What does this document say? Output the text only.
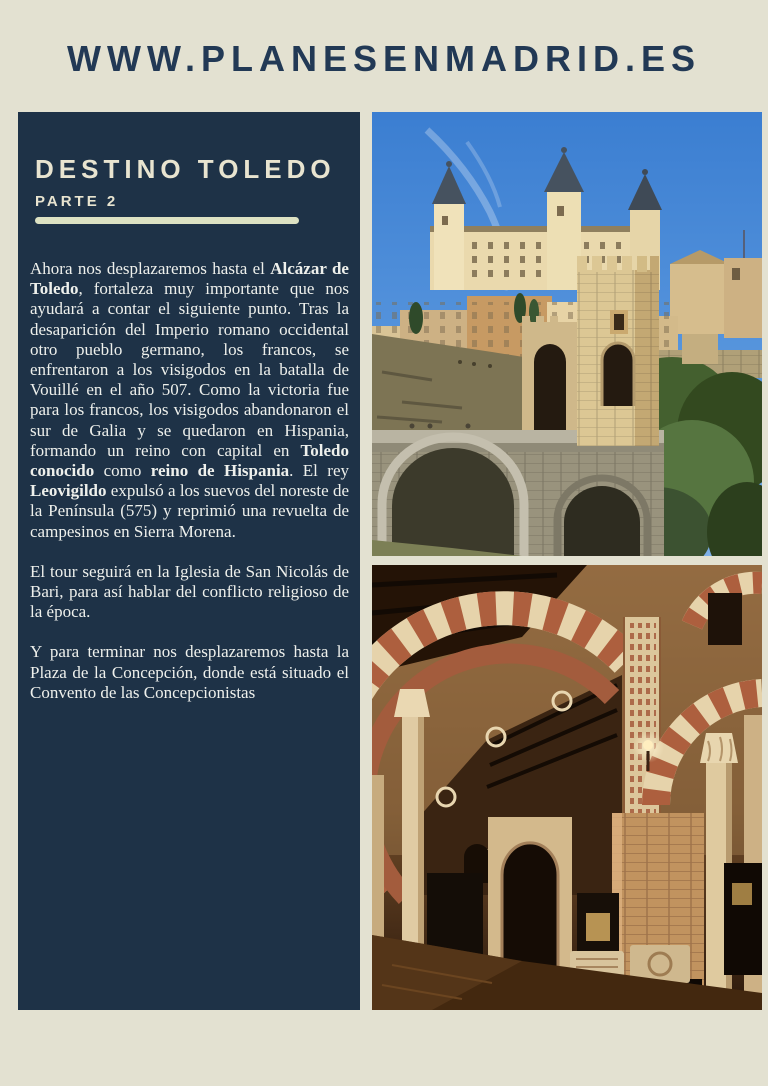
WWW.PLANESENMADRID.ES
DESTINO TOLEDO
PARTE 2

Ahora nos desplazaremos hasta el Alcázar de Toledo, fortaleza muy importante que nos ayudará a contar el siguiente punto. Tras la desaparición del Imperio romano occidental otro pueblo germano, los francos, se enfrentaron a los visigodos en la batalla de Vouillé en el año 507. Como la victoria fue para los francos, los visigodos abandonaron el sur de Galia y se quedaron en Hispania, formando un reino con capital en Toledo conocido como reino de Hispania. El rey Leovigildo expulsó a los suevos del noreste de la Península (575) y reprimió una revuelta de campesinos en Sierra Morena.

El tour seguirá en la Iglesia de San Nicolás de Bari, para así hablar del conflicto religioso de la época.

Y para terminar nos desplazaremos hasta la Plaza de la Concepción, donde está situado el Convento de las Concepcionistas
